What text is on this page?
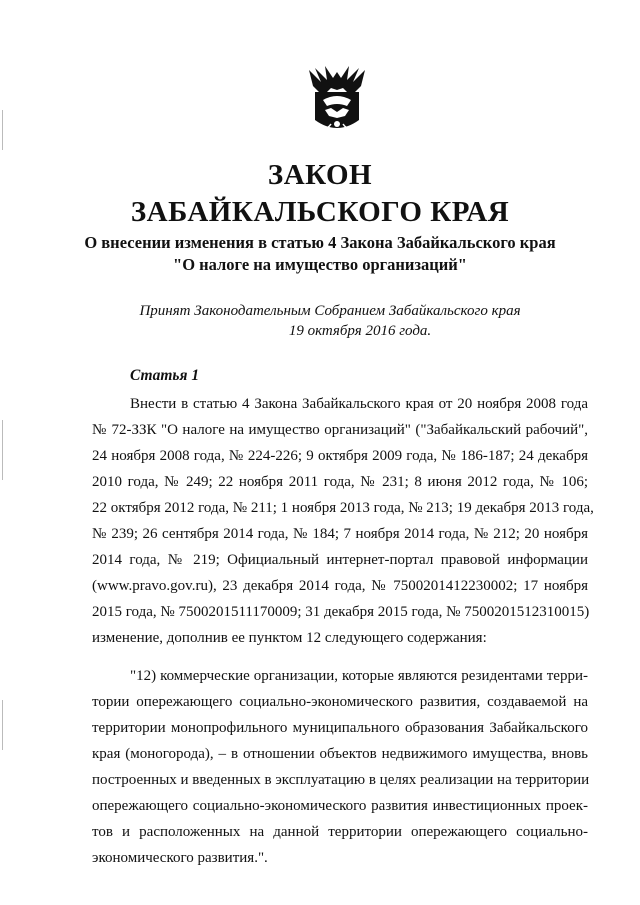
ЗАКОН
ЗАБАЙКАЛЬСКОГО КРАЯ
О внесении изменения в статью 4 Закона Забайкальского края
"О налоге на имущество организаций"
Принят Законодательным Собранием Забайкальского края
19 октября 2016 года.
Статья 1
Внести в статью 4 Закона Забайкальского края от 20 ноября 2008 года
№ 72-ЗЗК "О налоге на имущество организаций" ("Забайкальский рабочий",
24 ноября 2008 года, № 224-226; 9 октября 2009 года, № 186-187; 24 декабря
2010 года, № 249; 22 ноября 2011 года, № 231; 8 июня 2012 года, № 106;
22 октября 2012 года, № 211; 1 ноября 2013 года, № 213; 19 декабря 2013 года,
№ 239; 26 сентября 2014 года, № 184; 7 ноября 2014 года, № 212; 20 ноября
2014 года, № 219; Официальный интернет-портал правовой информации
(www.pravo.gov.ru), 23 декабря 2014 года, № 7500201412230002; 17 ноября
2015 года, № 7500201511170009; 31 декабря 2015 года, № 7500201512310015)
изменение, дополнив ее пунктом 12 следующего содержания:
"12) коммерческие организации, которые являются резидентами терри-
тории опережающего социально-экономического развития, создаваемой на
территории монопрофильного муниципального образования Забайкальского
края (моногорода), – в отношении объектов недвижимого имущества, вновь
построенных и введенных в эксплуатацию в целях реализации на территории
опережающего социально-экономического развития инвестиционных проек-
тов и расположенных на данной территории опережающего социально-
экономического развития.".
